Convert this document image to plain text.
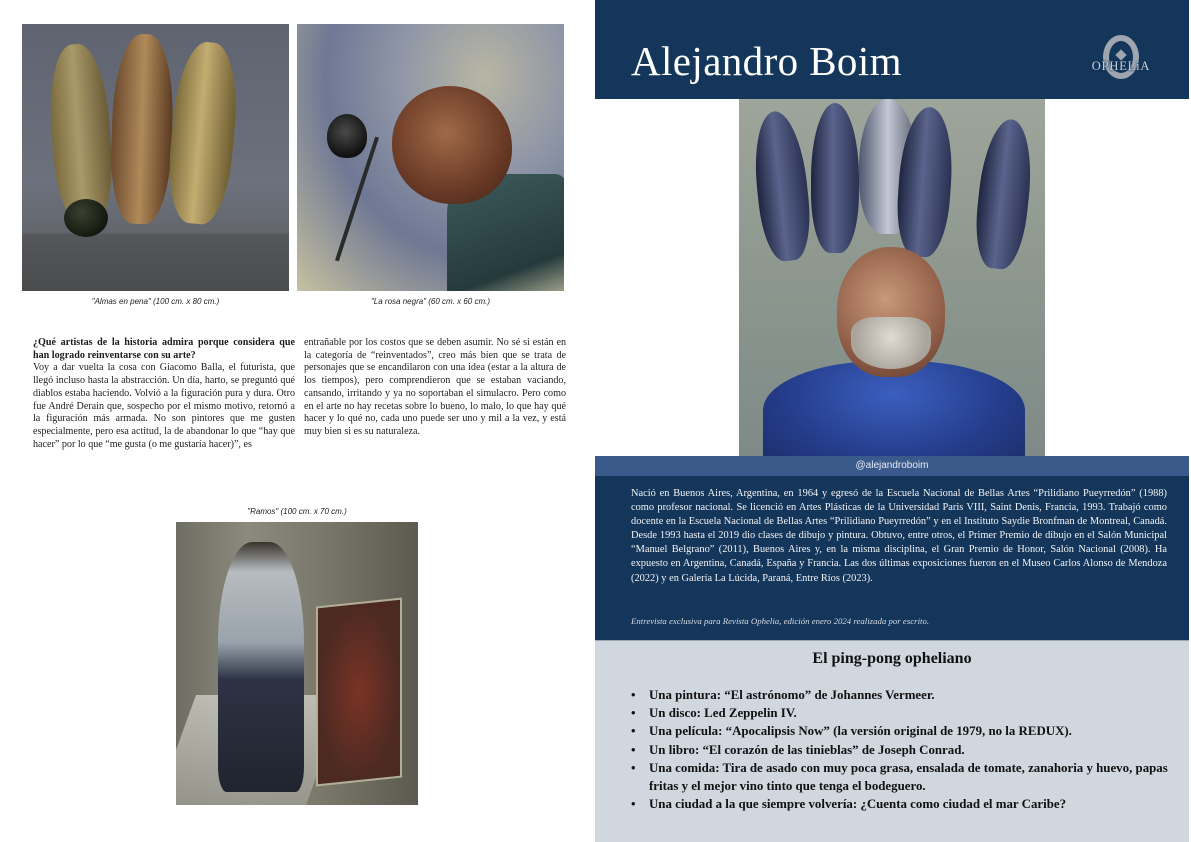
"Almas en pena" (100 cm. x 80 cm.)	"La rosa negra" (60 cm. x 60 cm.)
¿Qué artistas de la historia admira porque considera que han logrado reinventarse con su arte?
Voy a dar vuelta la cosa con Giacomo Balla, el futurista, que llegó incluso hasta la abstracción. Un día, harto, se preguntó qué diablos estaba haciendo. Volvió a la figuración pura y dura. Otro fue André Derain que, sospecho por el mismo motivo, retornó a la figuración más armada. No son pintores que me gusten especialmente, pero esa actitud, la de abandonar lo que “hay que hacer” por lo que “me gusta (o me gustaría hacer)”, es
entrañable por los costos que se deben asumir. No sé si están en la categoría de “reinventados”, creo más bien que se trata de personajes que se encandilaron con una idea (estar a la altura de los tiempos), pero comprendieron que se estaban vaciando, cansando, irritando y ya no soportaban el simulacro. Pero como en el arte no hay recetas sobre lo bueno, lo malo, lo que hay qué hacer y lo qué no, cada uno puede ser uno y mil a la vez, y está muy bien si es su naturaleza.
"Ramos" (100 cm. x 70 cm.)
Alejandro Boim	OPHELiA
@alejandroboim
Nació en Buenos Aires, Argentina, en 1964 y egresó de la Escuela Nacional de Bellas Artes “Prilidiano Pueyrredón” (1988) como profesor nacional. Se licenció en Artes Plásticas de la Universidad Paris VIII, Saint Denis, Francia, 1993. Trabajó como docente en la Escuela Nacional de Bellas Artes “Prilidiano Pueyrredón” y en el Instituto Saydie Bronfman de Montreal, Canadá. Desde 1993 hasta el 2019 dio clases de dibujo y pintura. Obtuvo, entre otros, el Primer Premio de dibujo en el Salón Municipal “Manuel Belgrano” (2011), Buenos Aires y, en la misma disciplina, el Gran Premio de Honor, Salón Nacional (2008). Ha expuesto en Argentina, Canadá, España y Francia. Las dos últimas exposiciones fueron en el Museo Carlos Alonso de Mendoza (2022) y en Galería La Lúcida, Paraná, Entre Ríos (2023).
Entrevista exclusiva para Revista Ophelia, edición enero 2024 realizada por escrito.
El ping-pong opheliano
• Una pintura: “El astrónomo” de Johannes Vermeer.
• Un disco: Led Zeppelin IV.
• Una película: “Apocalipsis Now” (la versión original de 1979, no la REDUX).
• Un libro: “El corazón de las tinieblas” de Joseph Conrad.
• Una comida: Tira de asado con muy poca grasa, ensalada de tomate, zanahoria y huevo, papas fritas y el mejor vino tinto que tenga el bodeguero.
• Una ciudad a la que siempre volvería: ¿Cuenta como ciudad el mar Caribe?
